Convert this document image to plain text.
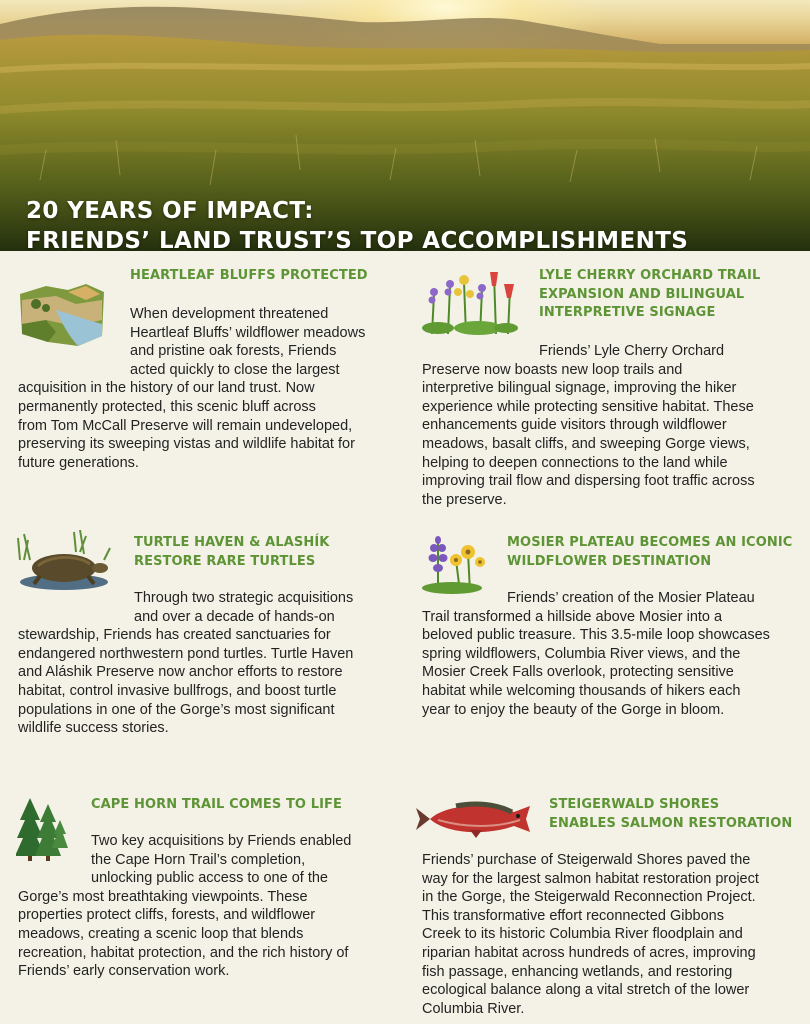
20 YEARS OF IMPACT:
FRIENDS’ LAND TRUST’S TOP ACCOMPLISHMENTS
HEARTLEAF BLUFFS PROTECTED
When development threatened
Heartleaf Bluffs’ wildflower meadows
and pristine oak forests, Friends
acted quickly to close the largest
acquisition in the history of our land trust. Now
permanently protected, this scenic bluff across
from Tom McCall Preserve will remain undeveloped,
preserving its sweeping vistas and wildlife habitat for
future generations.
LYLE CHERRY ORCHARD TRAIL
EXPANSION AND BILINGUAL
INTERPRETIVE SIGNAGE
Friends’ Lyle Cherry Orchard
Preserve now boasts new loop trails and
interpretive bilingual signage, improving the hiker
experience while protecting sensitive habitat. These
enhancements guide visitors through wildflower
meadows, basalt cliffs, and sweeping Gorge views,
helping to deepen connections to the land while
improving trail flow and dispersing foot traffic across
the preserve.
TURTLE HAVEN & ALASHÍK
RESTORE RARE TURTLES
Through two strategic acquisitions
and over a decade of hands-on
stewardship, Friends has created sanctuaries for
endangered northwestern pond turtles. Turtle Haven
and Aláshik Preserve now anchor efforts to restore
habitat, control invasive bullfrogs, and boost turtle
populations in one of the Gorge’s most significant
wildlife success stories.
MOSIER PLATEAU BECOMES AN ICONIC
WILDFLOWER DESTINATION
Friends’ creation of the Mosier Plateau
Trail transformed a hillside above Mosier into a
beloved public treasure. This 3.5-mile loop showcases
spring wildflowers, Columbia River views, and the
Mosier Creek Falls overlook, protecting sensitive
habitat while welcoming thousands of hikers each
year to enjoy the beauty of the Gorge in bloom.
CAPE HORN TRAIL COMES TO LIFE
Two key acquisitions by Friends enabled
the Cape Horn Trail’s completion,
unlocking public access to one of the
Gorge’s most breathtaking viewpoints. These
properties protect cliffs, forests, and wildflower
meadows, creating a scenic loop that blends
recreation, habitat protection, and the rich history of
Friends’ early conservation work.
STEIGERWALD SHORES
ENABLES SALMON RESTORATION
Friends’ purchase of Steigerwald Shores paved the
way for the largest salmon habitat restoration project
in the Gorge, the Steigerwald Reconnection Project.
This transformative effort reconnected Gibbons
Creek to its historic Columbia River floodplain and
riparian habitat across hundreds of acres, improving
fish passage, enhancing wetlands, and restoring
ecological balance along a vital stretch of the lower
Columbia River.
